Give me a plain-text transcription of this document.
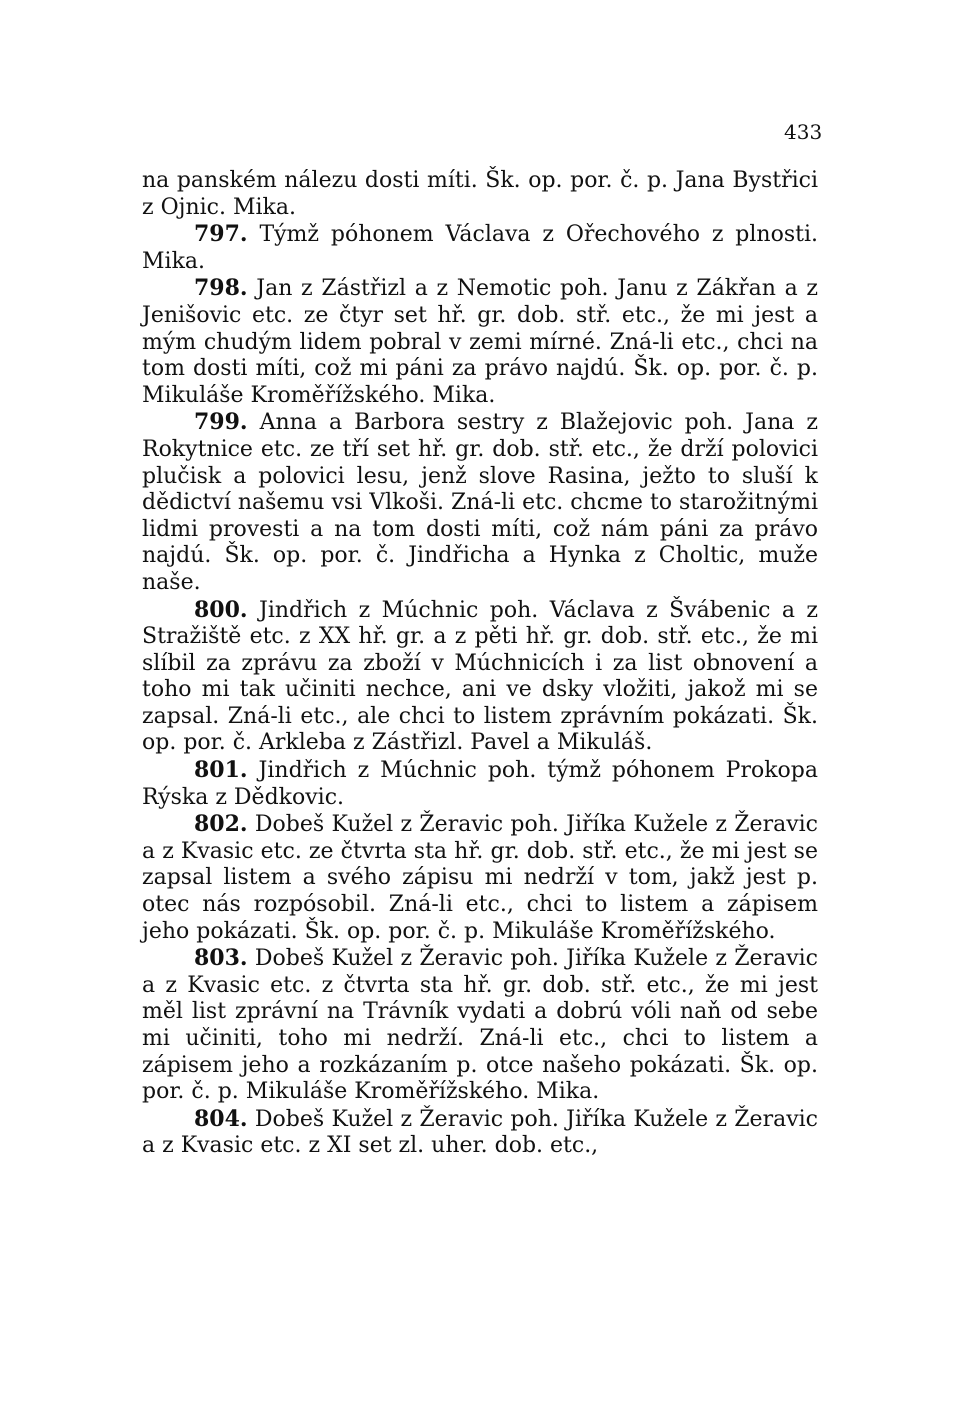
433

na panském nálezu dosti míti. Šk. op. por. č. p. Jana Bystřici z Ojnic. Mika.

797. Týmž póhonem Václava z Ořechového z plnosti. Mika.

798. Jan z Zástřizl a z Nemotic poh. Janu z Zákřan a z Jenišovic etc. ze čtyr set hř. gr. dob. stř. etc., že mi jest a mým chudým lidem pobral v zemi mírné. Zná-li etc., chci na tom dosti míti, což mi páni za právo najdú. Šk. op. por. č. p. Mikuláše Kroměřížského. Mika.

799. Anna a Barbora sestry z Blažejovic poh. Jana z Rokytnice etc. ze tří set hř. gr. dob. stř. etc., že drží polovici plučisk a polovici lesu, jenž slove Rasina, ježto to sluší k dědictví našemu vsi Vlkoši. Zná-li etc. chcme to starožitnými lidmi provesti a na tom dosti míti, což nám páni za právo najdú. Šk. op. por. č. Jindřicha a Hynka z Choltic, muže naše.

800. Jindřich z Múchnic poh. Václava z Švábenic a z Stražiště etc. z XX hř. gr. a z pěti hř. gr. dob. stř. etc., že mi slíbil za zprávu za zboží v Múchnicích i za list obnovení a toho mi tak učiniti nechce, ani ve dsky vložiti, jakož mi se zapsal. Zná-li etc., ale chci to listem zprávním pokázati. Šk. op. por. č. Arkleba z Zástřizl. Pavel a Mikuláš.

801. Jindřich z Múchnic poh. týmž póhonem Prokopa Rýska z Dědkovic.

802. Dobeš Kužel z Žeravic poh. Jiříka Kužele z Žeravic a z Kvasic etc. ze čtvrta sta hř. gr. dob. stř. etc., že mi jest se zapsal listem a svého zápisu mi nedrží v tom, jakž jest p. otec nás rozpósobil. Zná-li etc., chci to listem a zápisem jeho pokázati. Šk. op. por. č. p. Mikuláše Kroměřížského.

803. Dobeš Kužel z Žeravic poh. Jiříka Kužele z Žeravic a z Kvasic etc. z čtvrta sta hř. gr. dob. stř. etc., že mi jest měl list zprávní na Trávník vydati a dobrú vóli naň od sebe mi učiniti, toho mi nedrží. Zná-li etc., chci to listem a zápisem jeho a rozkázaním p. otce našeho pokázati. Šk. op. por. č. p. Mikuláše Kroměřížského. Mika.

804. Dobeš Kužel z Žeravic poh. Jiříka Kužele z Žeravic a z Kvasic etc. z XI set zl. uher. dob. etc.,
